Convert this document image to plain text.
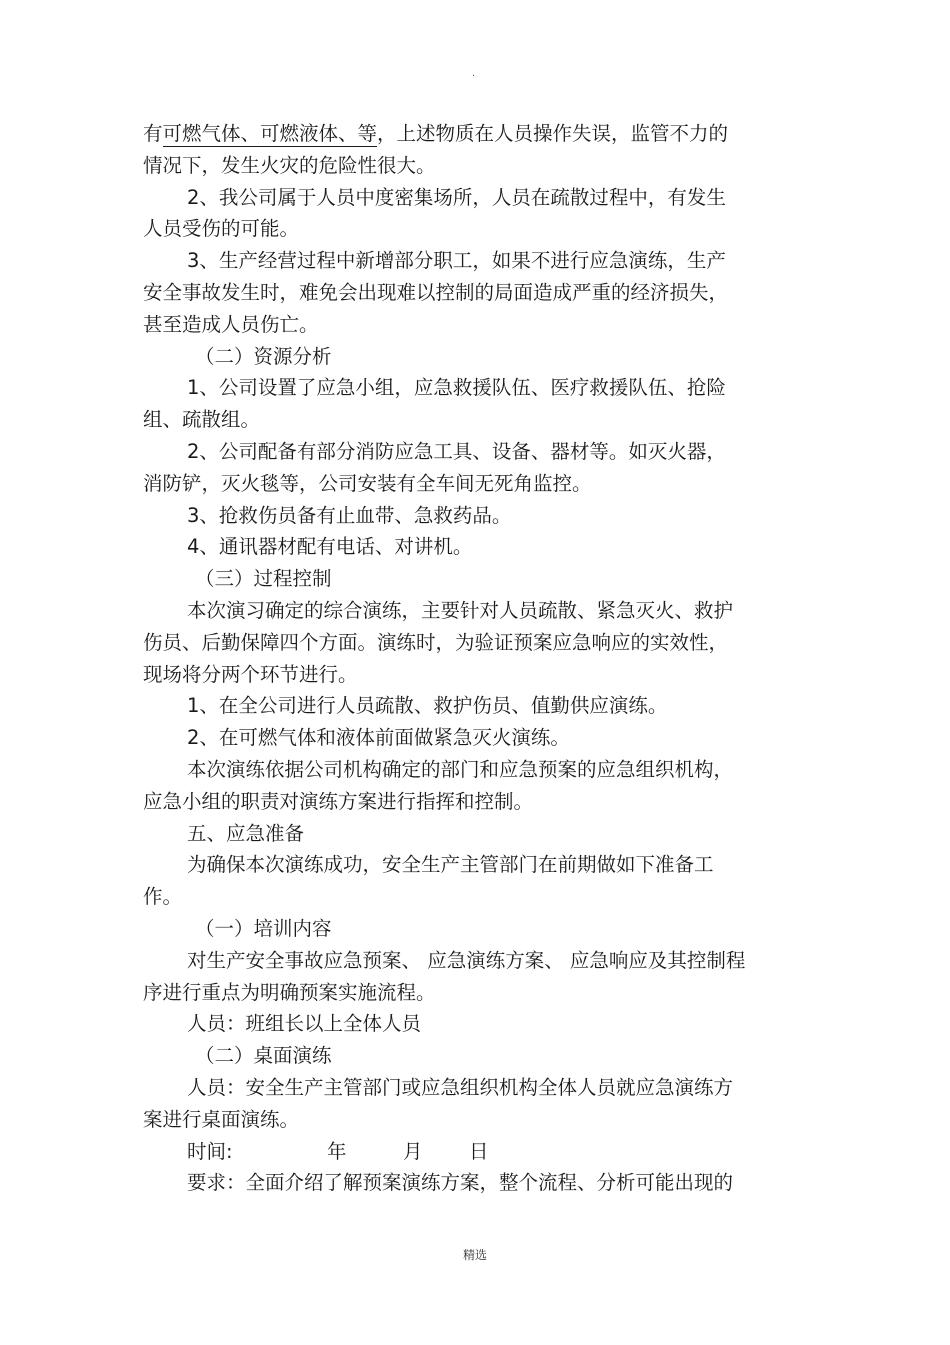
·

有可燃气体、可燃液体、等，上述物质在人员操作失误，监管不力的

情况下，发生火灾的危险性很大。

2、我公司属于人员中度密集场所，人员在疏散过程中，有发生

人员受伤的可能。

3、生产经营过程中新增部分职工，如果不进行应急演练，生产

安全事故发生时，难免会出现难以控制的局面造成严重的经济损失，

甚至造成人员伤亡。

（二）资源分析

1、公司设置了应急小组，应急救援队伍、医疗救援队伍、抢险

组、疏散组。

2、公司配备有部分消防应急工具、设备、器材等。如灭火器，

消防铲，灭火毯等，公司安装有全车间无死角监控。

3、抢救伤员备有止血带、急救药品。

4、通讯器材配有电话、对讲机。

（三）过程控制

本次演习确定的综合演练，主要针对人员疏散、紧急灭火、救护

伤员、后勤保障四个方面。演练时，为验证预案应急响应的实效性，

现场将分两个环节进行。

1、在全公司进行人员疏散、救护伤员、值勤供应演练。

2、在可燃气体和液体前面做紧急灭火演练。

本次演练依据公司机构确定的部门和应急预案的应急组织机构，

应急小组的职责对演练方案进行指挥和控制。

五、应急准备

为确保本次演练成功，安全生产主管部门在前期做如下准备工

作。

（一）培训内容

对生产安全事故应急预案、 应急演练方案、 应急响应及其控制程

序进行重点为明确预案实施流程。

人员：班组长以上全体人员

（二）桌面演练

人员：安全生产主管部门或应急组织机构全体人员就应急演练方

案进行桌面演练。

时间:	年	月 日

要求：全面介绍了解预案演练方案，整个流程、分析可能出现的

精选
